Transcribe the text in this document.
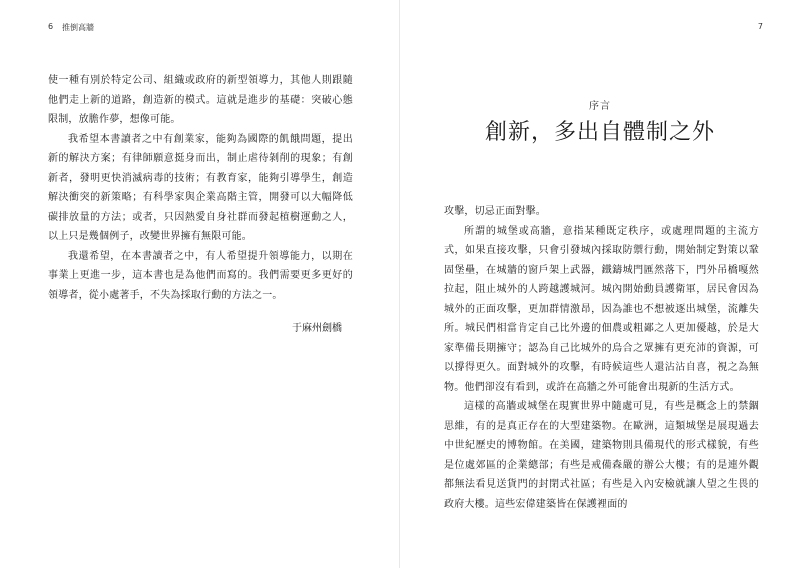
6 推倒高牆

使一種有別於特定公司、組織或政府的新型領導力，其他人則跟隨他們走上新的道路，創造新的模式。這就是進步的基礎：突破心態限制，放膽作夢，想像可能。

我希望本書讀者之中有創業家，能夠為國際的飢餓問題，提出新的解決方案；有律師願意挺身而出，制止虐待剝削的現象；有創新者，發明更快消滅病毒的技術；有教育家，能夠引導學生，創造解決衝突的新策略；有科學家與企業高階主管，開發可以大幅降低碳排放量的方法；或者，只因熱愛自身社群而發起植樹運動之人，以上只是幾個例子，改變世界擁有無限可能。

我還希望，在本書讀者之中，有人希望提升領導能力，以期在事業上更進一步，這本書也是為他們而寫的。我們需要更多更好的領導者，從小處著手，不失為採取行動的方法之一。

于麻州劍橋
7
序言
創新，多出自體制之外

攻擊，切忌正面對擊。

所謂的城堡或高牆，意指某種既定秩序，或處理問題的主流方式，如果直接攻擊，只會引發城內採取防禦行動，開始制定對策以鞏固堡壘，在城牆的窗戶架上武器，鐵鑄城門匯然落下，門外吊橋嘎然拉起，阻止城外的人跨越護城河。城內開始動員護衛軍，居民會因為城外的正面攻擊，更加群情激昂，因為誰也不想被逐出城堡，流離失所。城民們相當肯定自己比外邊的佃農或粗鄙之人更加優越，於是大家準備長期擁守；認為自己比城外的烏合之眾擁有更充沛的資源，可以撐得更久。面對城外的攻擊，有時候這些人還沾沾自喜，視之為無物。他們卻沒有看到，或許在高牆之外可能會出現新的生活方式。

這樣的高牆或城堡在現實世界中隨處可見，有些是概念上的禁錮思維，有的是真正存在的大型建築物。在歐洲，這類城堡是展現過去中世紀歷史的博物館。在美國，建築物則具備現代的形式樣貌，有些是位處郊區的企業總部；有些是戒備森嚴的辦公大樓；有的是連外觀都無法看見送貨門的封閉式社區；有些是入內安檢就讓人望之生畏的政府大樓。這些宏偉建築皆在保護裡面的
